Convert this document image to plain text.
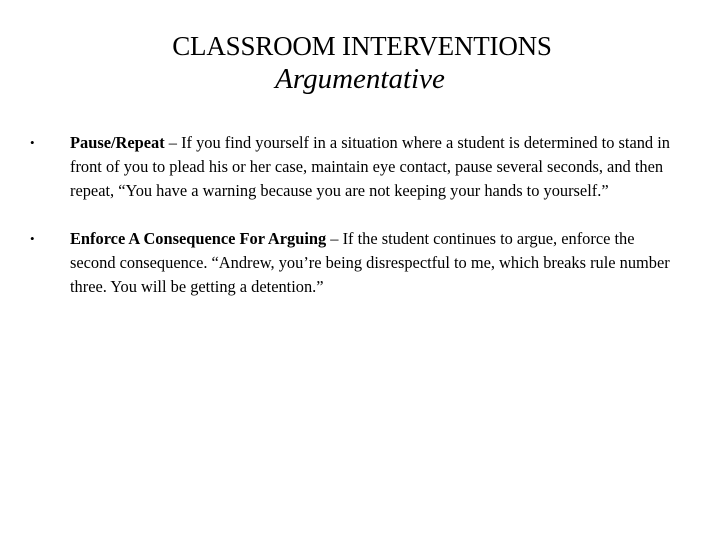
CLASSROOM INTERVENTIONS
Argumentative
• Pause/Repeat – If you find yourself in a situation where a student is determined to stand in front of you to plead his or her case, maintain eye contact, pause several seconds, and then repeat, “You have a warning because you are not keeping your hands to yourself.”
• Enforce A Consequence For Arguing – If the student continues to argue, enforce the second consequence. “Andrew, you’re being disrespectful to me, which breaks rule number three. You will be getting a detention.”
